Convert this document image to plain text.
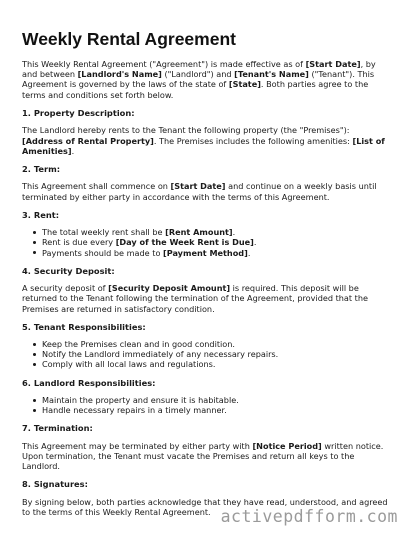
Weekly Rental Agreement

This Weekly Rental Agreement ("Agreement") is made effective as of [Start Date], by and between [Landlord's Name] ("Landlord") and [Tenant's Name] ("Tenant"). This Agreement is governed by the laws of the state of [State]. Both parties agree to the terms and conditions set forth below.

1. Property Description:

The Landlord hereby rents to the Tenant the following property (the "Premises"): [Address of Rental Property]. The Premises includes the following amenities: [List of Amenities].

2. Term:

This Agreement shall commence on [Start Date] and continue on a weekly basis until terminated by either party in accordance with the terms of this Agreement.

3. Rent:
The total weekly rent shall be [Rent Amount].
Rent is due every [Day of the Week Rent is Due].
Payments should be made to [Payment Method].
4. Security Deposit:

A security deposit of [Security Deposit Amount] is required. This deposit will be returned to the Tenant following the termination of the Agreement, provided that the Premises are returned in satisfactory condition.

5. Tenant Responsibilities:
Keep the Premises clean and in good condition.
Notify the Landlord immediately of any necessary repairs.
Comply with all local laws and regulations.
6. Landlord Responsibilities:
Maintain the property and ensure it is habitable.
Handle necessary repairs in a timely manner.
7. Termination:

This Agreement may be terminated by either party with [Notice Period] written notice. Upon termination, the Tenant must vacate the Premises and return all keys to the Landlord.

8. Signatures:

By signing below, both parties acknowledge that they have read, understood, and agreed to the terms of this Weekly Rental Agreement. activepdfform.com
